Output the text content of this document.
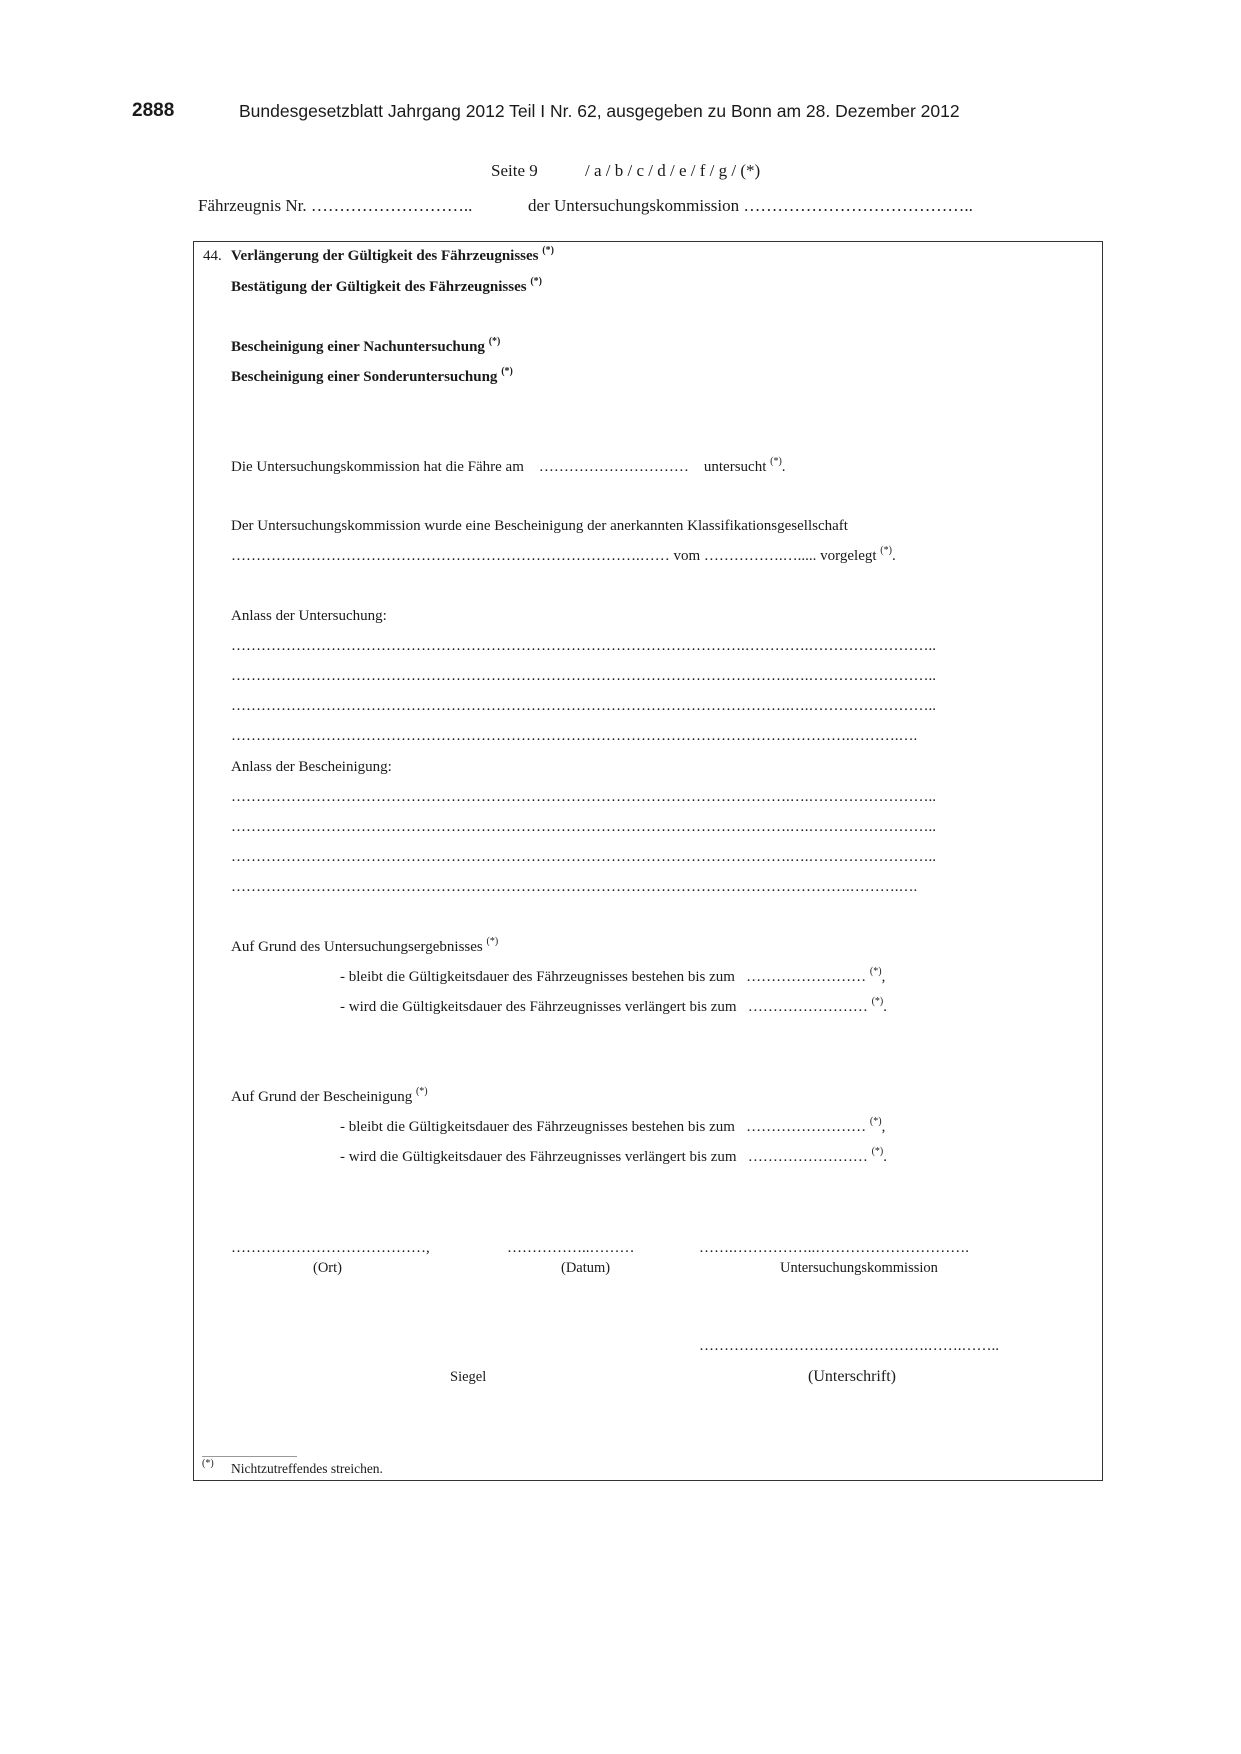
2888	Bundesgesetzblatt Jahrgang 2012 Teil I Nr. 62, ausgegeben zu Bonn am 28. Dezember 2012
Seite 9	/ a / b / c / d / e / f / g / (*)
Fährzeugnis Nr. ………………………..	der Untersuchungskommission …………………………………..
44. Verlängerung der Gültigkeit des Fährzeugnisses (*)
Bestätigung der Gültigkeit des Fährzeugnisses (*)
Bescheinigung einer Nachuntersuchung (*)
Bescheinigung einer Sonderuntersuchung (*)
Die Untersuchungskommission hat die Fähre am ………………………… untersucht (*).
Der Untersuchungskommission wurde eine Bescheinigung der anerkannten Klassifikationsgesellschaft
……………………………………………………………………….…… vom …………….…..... vorgelegt (*).
Anlass der Untersuchung:
………………………………………………………………………………………….………….……………………..
………………………………………………………………………………………………….….……………………..
………………………………………………………………………………………………….….……………………..
…………………………………………………………………………………………………………….……….….
Anlass der Bescheinigung:
………………………………………………………………………………………………….….……………………..
………………………………………………………………………………………………….….……………………..
………………………………………………………………………………………………….….……………………..
…………………………………………………………………………………………………………….……….….
Auf Grund des Untersuchungsergebnisses (*)
- bleibt die Gültigkeitsdauer des Fährzeugnisses bestehen bis zum …………………… (*),
- wird die Gültigkeitsdauer des Fährzeugnisses verlängert bis zum …………………… (*).
Auf Grund der Bescheinigung (*)
- bleibt die Gültigkeitsdauer des Fährzeugnisses bestehen bis zum …………………… (*),
- wird die Gültigkeitsdauer des Fährzeugnisses verlängert bis zum …………………… (*).
…………………………………,
(Ort)
……………..………
(Datum)
…….……………..………………………….
Untersuchungskommission
……………………………………….…….……..
Siegel	(Unterschrift)
(*) Nichtzutreffendes streichen.
